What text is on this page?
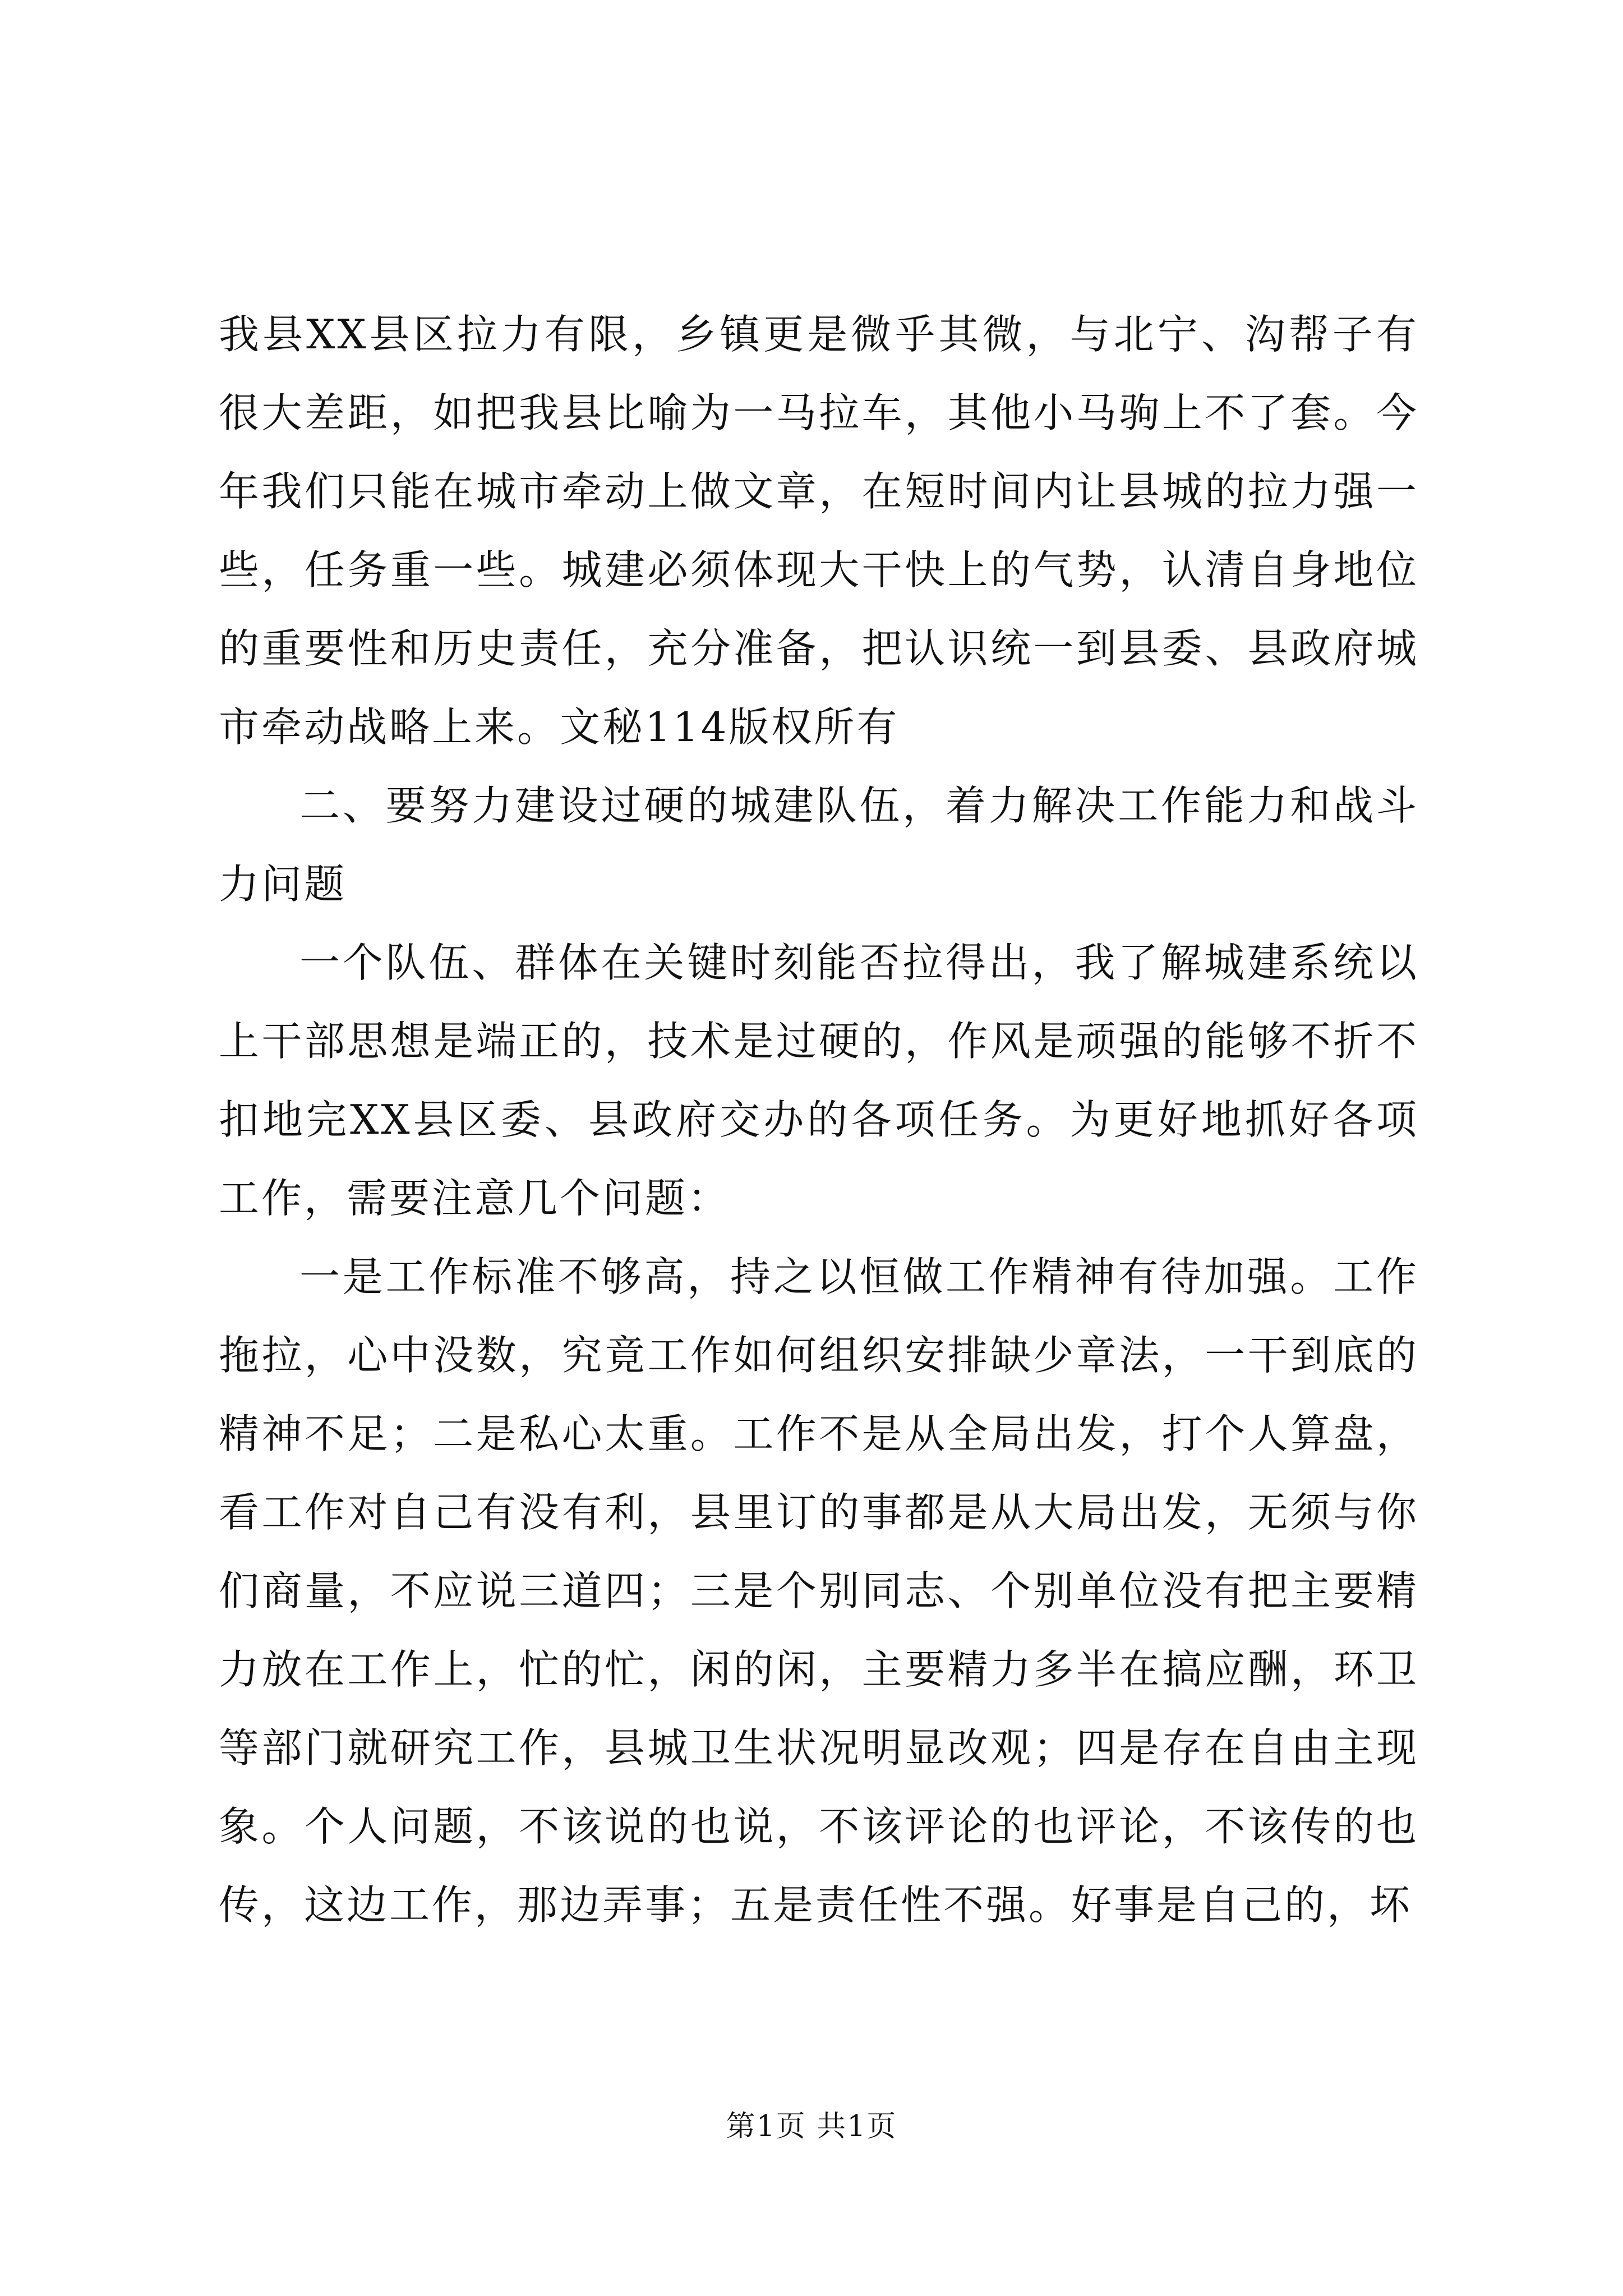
我县XX县区拉力有限，乡镇更是微乎其微，与北宁、沟帮子有很大差距，如把我县比喻为一马拉车，其他小马驹上不了套。今年我们只能在城市牵动上做文章，在短时间内让县城的拉力强一些，任务重一些。城建必须体现大干快上的气势，认清自身地位的重要性和历史责任，充分准备，把认识统一到县委、县政府城市牵动战略上来。文秘114版权所有

二、要努力建设过硬的城建队伍，着力解决工作能力和战斗力问题

一个队伍、群体在关键时刻能否拉得出，我了解城建系统以上干部思想是端正的，技术是过硬的，作风是顽强的能够不折不扣地完XX县区委、县政府交办的各项任务。为更好地抓好各项工作，需要注意几个问题：

一是工作标准不够高，持之以恒做工作精神有待加强。工作拖拉，心中没数，究竟工作如何组织安排缺少章法，一干到底的精神不足；二是私心太重。工作不是从全局出发，打个人算盘，看工作对自己有没有利，县里订的事都是从大局出发，无须与你们商量，不应说三道四；三是个别同志、个别单位没有把主要精力放在工作上，忙的忙，闲的闲，主要精力多半在搞应酬，环卫等部门就研究工作，县城卫生状况明显改观；四是存在自由主现象。个人问题，不该说的也说，不该评论的也评论，不该传的也传，这边工作，那边弄事；五是责任性不强。好事是自己的，坏

第1页 共1页
